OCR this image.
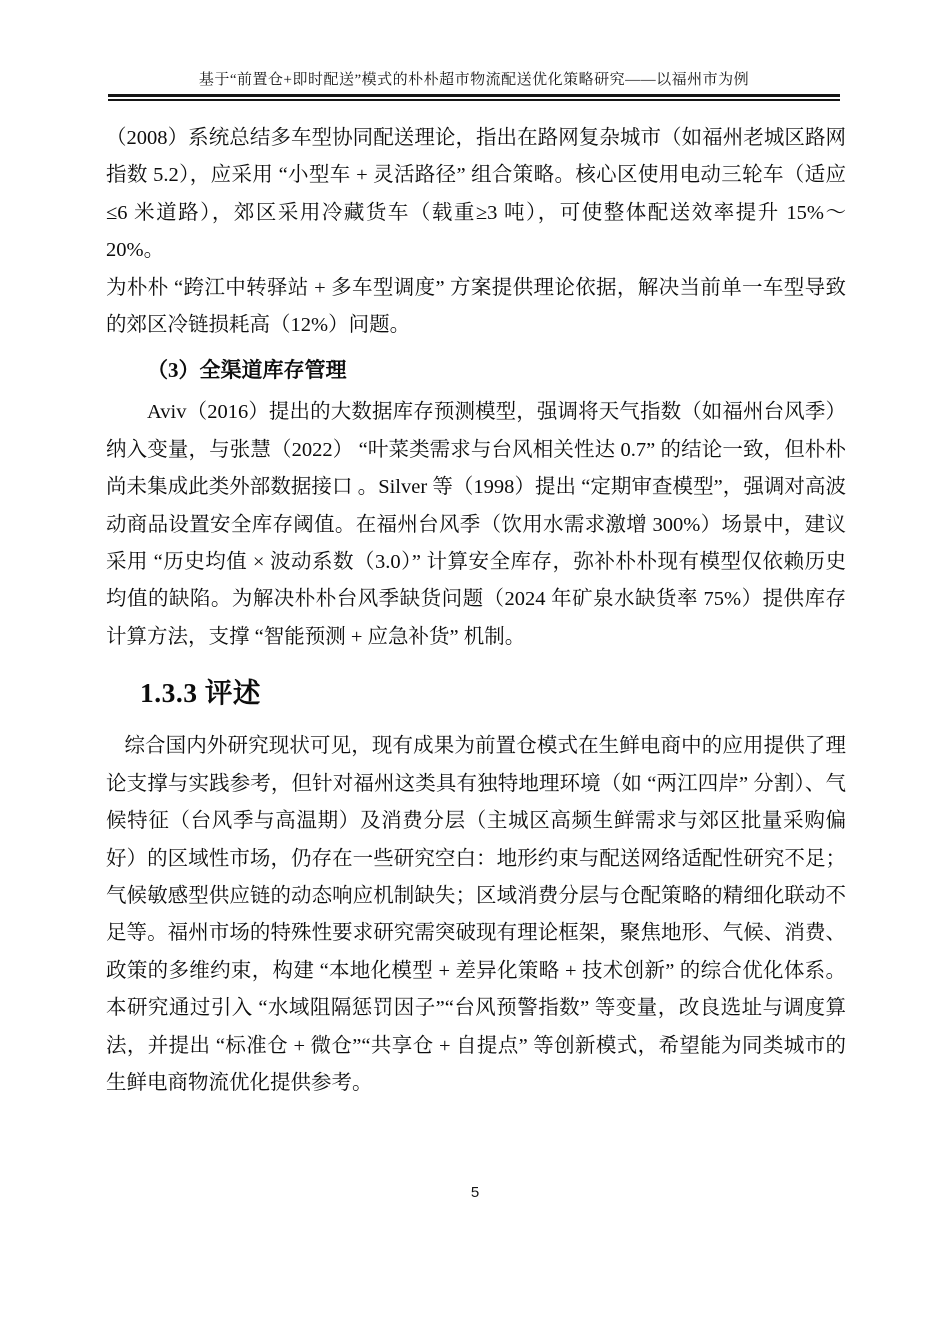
基于“前置仓+即时配送”模式的朴朴超市物流配送优化策略研究——以福州市为例

（2008）系统总结多车型协同配送理论，指出在路网复杂城市（如福州老城区路网指数 5.2），应采用 “小型车 + 灵活路径” 组合策略。核心区使用电动三轮车（适应≤6 米道路），郊区采用冷藏货车（载重≥3 吨），可使整体配送效率提升 15%～20%。

为朴朴 “跨江中转驿站 + 多车型调度” 方案提供理论依据，解决当前单一车型导致的郊区冷链损耗高（12%）问题。

（3）全渠道库存管理

Aviv（2016）提出的大数据库存预测模型，强调将天气指数（如福州台风季）纳入变量，与张慧（2022） “叶菜类需求与台风相关性达 0.7” 的结论一致，但朴朴尚未集成此类外部数据接口 。Silver 等（1998）提出 “定期审查模型”，强调对高波动商品设置安全库存阈值。在福州台风季（饮用水需求激增 300%）场景中，建议采用 “历史均值 × 波动系数（3.0）” 计算安全库存，弥补朴朴现有模型仅依赖历史均值的缺陷。为解决朴朴台风季缺货问题（2024 年矿泉水缺货率 75%）提供库存计算方法，支撑 “智能预测 + 应急补货” 机制。

1.3.3 评述

综合国内外研究现状可见，现有成果为前置仓模式在生鲜电商中的应用提供了理论支撑与实践参考，但针对福州这类具有独特地理环境（如 “两江四岸” 分割）、气候特征（台风季与高温期）及消费分层（主城区高频生鲜需求与郊区批量采购偏好）的区域性市场，仍存在一些研究空白：地形约束与配送网络适配性研究不足；气候敏感型供应链的动态响应机制缺失；区域消费分层与仓配策略的精细化联动不足等。福州市场的特殊性要求研究需突破现有理论框架，聚焦地形、气候、消费、政策的多维约束，构建 “本地化模型 + 差异化策略 + 技术创新” 的综合优化体系。本研究通过引入 “水域阻隔惩罚因子”“台风预警指数” 等变量，改良选址与调度算法，并提出 “标准仓 + 微仓”“共享仓 + 自提点” 等创新模式，希望能为同类城市的生鲜电商物流优化提供参考。

5
